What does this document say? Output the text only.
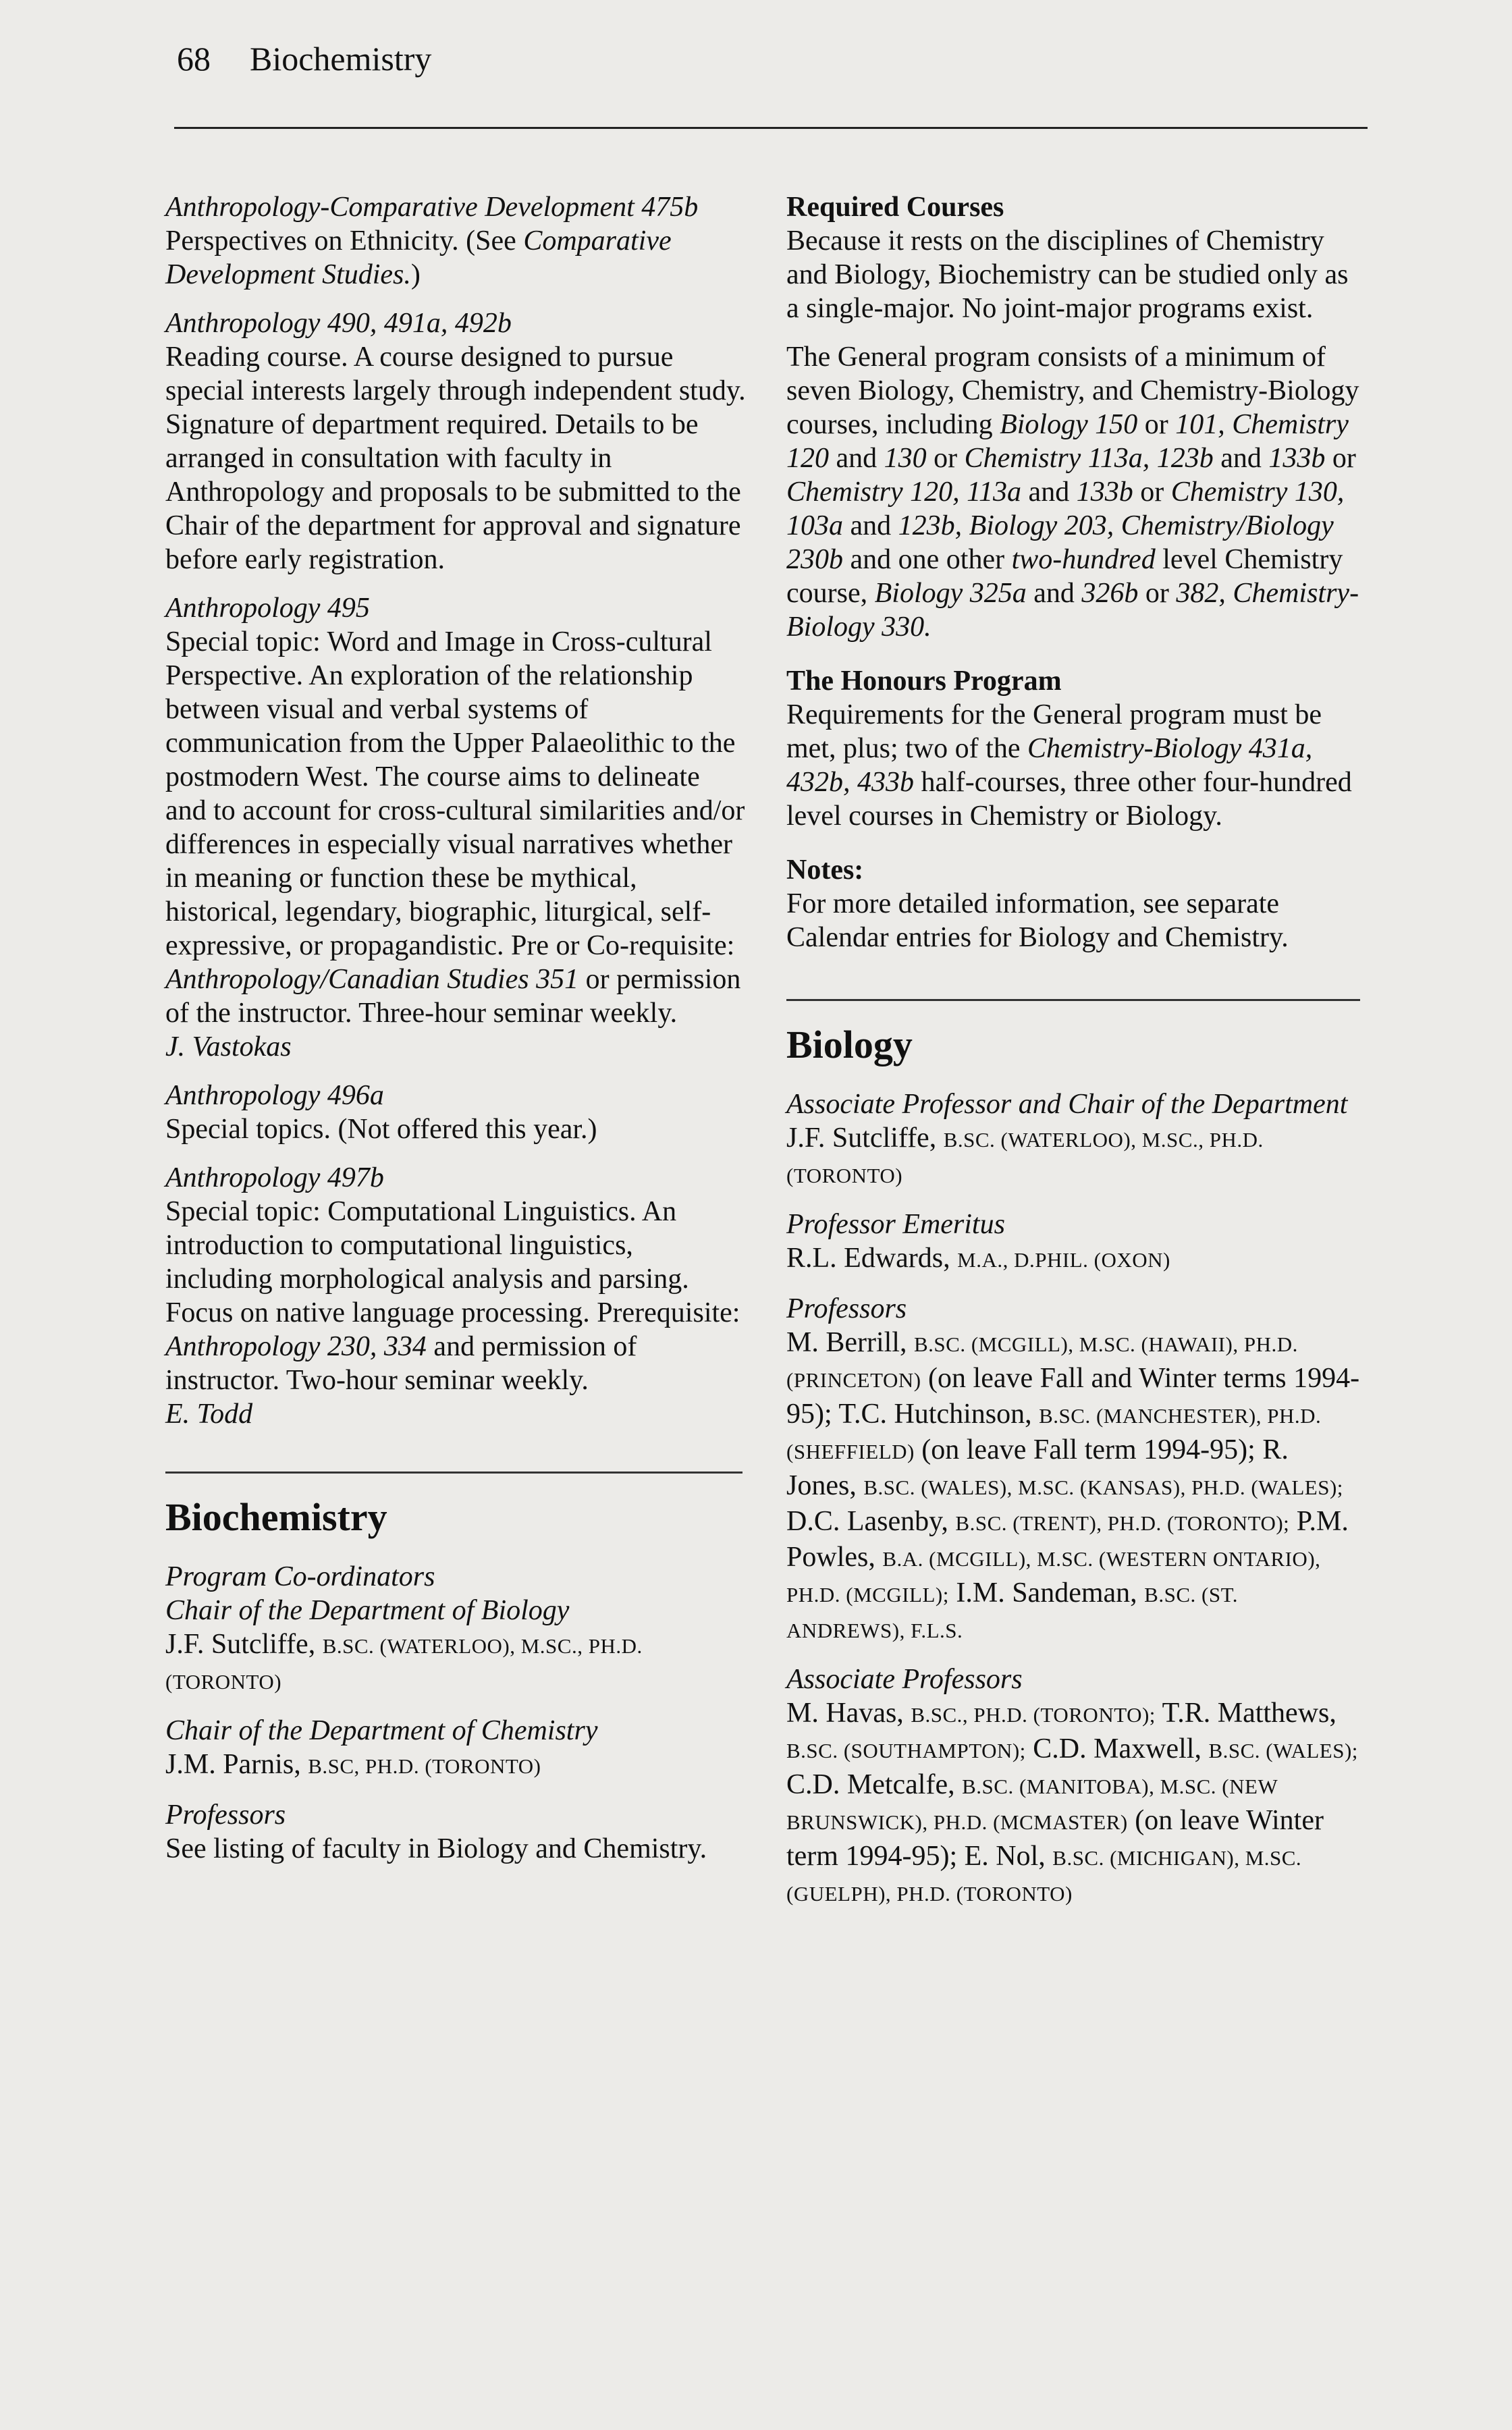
68 Biochemistry
Anthropology-Comparative Development 475b
Perspectives on Ethnicity. (See Comparative Development Studies.)
Anthropology 490, 491a, 492b
Reading course. A course designed to pursue special interests largely through independent study. Signature of department required. Details to be arranged in consultation with faculty in Anthropology and proposals to be submitted to the Chair of the department for approval and signature before early registration.
Anthropology 495
Special topic: Word and Image in Cross-cultural Perspective. An exploration of the relationship between visual and verbal systems of communication from the Upper Palaeolithic to the postmodern West. The course aims to delineate and to account for cross-cultural similarities and/or differences in especially visual narratives whether in meaning or function these be mythical, historical, legendary, biographic, liturgical, self-expressive, or propagandistic. Pre or Co-requisite: Anthropology/Canadian Studies 351 or permission of the instructor. Three-hour seminar weekly.
J. Vastokas
Anthropology 496a
Special topics. (Not offered this year.)
Anthropology 497b
Special topic: Computational Linguistics. An introduction to computational linguistics, including morphological analysis and parsing. Focus on native language processing. Prerequisite: Anthropology 230, 334 and permission of instructor. Two-hour seminar weekly.
E. Todd
Biochemistry
Program Co-ordinators
Chair of the Department of Biology
J.F. Sutcliffe, B.SC. (WATERLOO), M.SC., PH.D. (TORONTO)
Chair of the Department of Chemistry
J.M. Parnis, B.SC, PH.D. (TORONTO)
Professors
See listing of faculty in Biology and Chemistry.
Required Courses
Because it rests on the disciplines of Chemistry and Biology, Biochemistry can be studied only as a single-major. No joint-major programs exist.
The General program consists of a minimum of seven Biology, Chemistry, and Chemistry-Biology courses, including Biology 150 or 101, Chemistry 120 and 130 or Chemistry 113a, 123b and 133b or Chemistry 120, 113a and 133b or Chemistry 130, 103a and 123b, Biology 203, Chemistry/Biology 230b and one other two-hundred level Chemistry course, Biology 325a and 326b or 382, Chemistry-Biology 330.
The Honours Program
Requirements for the General program must be met, plus; two of the Chemistry-Biology 431a, 432b, 433b half-courses, three other four-hundred level courses in Chemistry or Biology.
Notes:
For more detailed information, see separate Calendar entries for Biology and Chemistry.
Biology
Associate Professor and Chair of the Department
J.F. Sutcliffe, B.SC. (WATERLOO), M.SC., PH.D. (TORONTO)
Professor Emeritus
R.L. Edwards, M.A., D.PHIL. (OXON)
Professors
M. Berrill, B.SC. (MCGILL), M.SC. (HAWAII), PH.D. (PRINCETON) (on leave Fall and Winter terms 1994-95); T.C. Hutchinson, B.SC. (MANCHESTER), PH.D. (SHEFFIELD) (on leave Fall term 1994-95); R. Jones, B.SC. (WALES), M.SC. (KANSAS), PH.D. (WALES); D.C. Lasenby, B.SC. (TRENT), PH.D. (TORONTO); P.M. Powles, B.A. (MCGILL), M.SC. (WESTERN ONTARIO), PH.D. (MCGILL); I.M. Sandeman, B.SC. (ST. ANDREWS), F.L.S.
Associate Professors
M. Havas, B.SC., PH.D. (TORONTO); T.R. Matthews, B.SC. (SOUTHAMPTON); C.D. Maxwell, B.SC. (WALES); C.D. Metcalfe, B.SC. (MANITOBA), M.SC. (NEW BRUNSWICK), PH.D. (MCMASTER) (on leave Winter term 1994-95); E. Nol, B.SC. (MICHIGAN), M.SC. (GUELPH), PH.D. (TORONTO)
